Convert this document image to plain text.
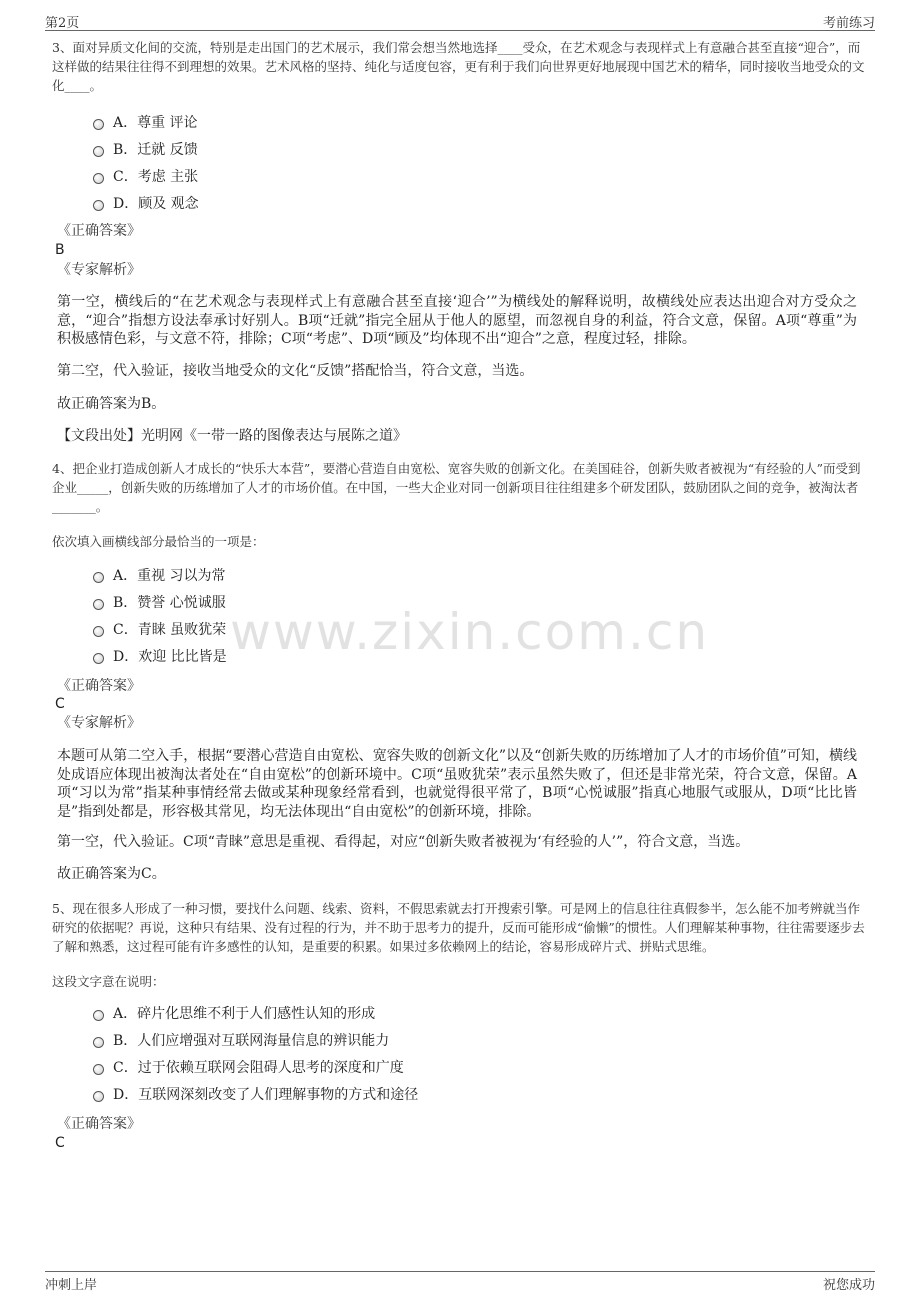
第2页	考前练习
www.zixin.com.cn
3、面对异质文化间的交流，特别是走出国门的艺术展示，我们常会想当然地选择____受众，在艺术观念与表现样式上有意融合甚至直接“迎合”，而这样做的结果往往得不到理想的效果。艺术风格的坚持、纯化与适度包容，更有利于我们向世界更好地展现中国艺术的精华，同时接收当地受众的文化____。
A．尊重 评论
B．迁就 反馈
C．考虑 主张
D．顾及 观念
《正确答案》
B
《专家解析》
第一空，横线后的“在艺术观念与表现样式上有意融合甚至直接‘迎合’”为横线处的解释说明，故横线处应表达出迎合对方受众之意，“迎合”指想方设法奉承讨好别人。B项“迁就”指完全屈从于他人的愿望，而忽视自身的利益，符合文意，保留。A项“尊重”为积极感情色彩，与文意不符，排除；C项“考虑”、D项“顾及”均体现不出“迎合”之意，程度过轻，排除。
第二空，代入验证，接收当地受众的文化“反馈”搭配恰当，符合文意，当选。
故正确答案为B。
【文段出处】光明网《一带一路的图像表达与展陈之道》
4、把企业打造成创新人才成长的“快乐大本营”，要潜心营造自由宽松、宽容失败的创新文化。在美国硅谷，创新失败者被视为“有经验的人”而受到企业_____，创新失败的历练增加了人才的市场价值。在中国，一些大企业对同一创新项目往往组建多个研发团队，鼓励团队之间的竞争，被淘汰者_______。
依次填入画横线部分最恰当的一项是：
A．重视 习以为常
B．赞誉 心悦诚服
C．青睐 虽败犹荣
D．欢迎 比比皆是
《正确答案》
C
《专家解析》
本题可从第二空入手，根据“要潜心营造自由宽松、宽容失败的创新文化”以及“创新失败的历练增加了人才的市场价值”可知，横线处成语应体现出被淘汰者处在“自由宽松”的创新环境中。C项“虽败犹荣”表示虽然失败了，但还是非常光荣，符合文意，保留。A项“习以为常”指某种事情经常去做或某种现象经常看到，也就觉得很平常了，B项“心悦诚服”指真心地服气或服从，D项“比比皆是”指到处都是，形容极其常见，均无法体现出“自由宽松”的创新环境，排除。
第一空，代入验证。C项“青睐”意思是重视、看得起，对应“创新失败者被视为‘有经验的人’”，符合文意，当选。
故正确答案为C。
5、现在很多人形成了一种习惯，要找什么问题、线索、资料，不假思索就去打开搜索引擎。可是网上的信息往往真假参半，怎么能不加考辨就当作研究的依据呢？再说，这种只有结果、没有过程的行为，并不助于思考力的提升，反而可能形成“偷懒”的惯性。人们理解某种事物，往往需要逐步去了解和熟悉，这过程可能有许多感性的认知，是重要的积累。如果过多依赖网上的结论，容易形成碎片式、拼贴式思维。
这段文字意在说明：
A．碎片化思维不利于人们感性认知的形成
B．人们应增强对互联网海量信息的辨识能力
C．过于依赖互联网会阻碍人思考的深度和广度
D．互联网深刻改变了人们理解事物的方式和途径
《正确答案》
C
冲刺上岸	祝您成功
